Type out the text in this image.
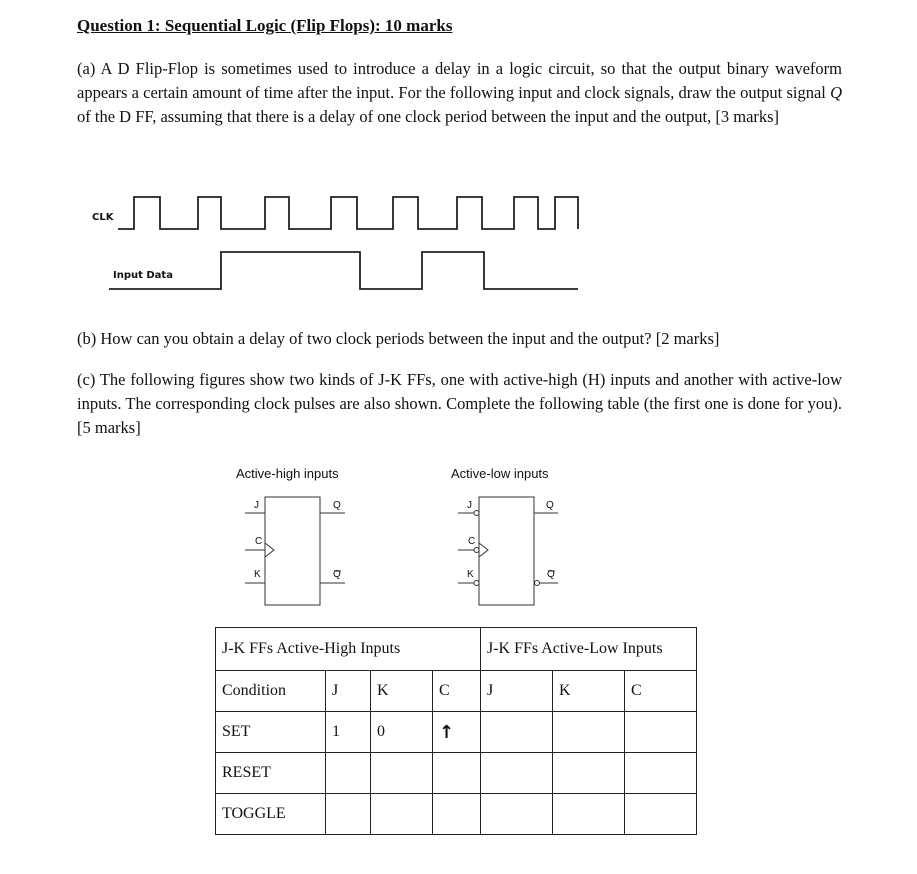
Question 1: Sequential Logic (Flip Flops): 10 marks
(a) A D Flip-Flop is sometimes used to introduce a delay in a logic circuit, so that the output binary waveform appears a certain amount of time after the input. For the following input and clock signals, draw the output signal Q of the D FF, assuming that there is a delay of one clock period between the input and the output, [3 marks]
CLK
Input Data
(b) How can you obtain a delay of two clock periods between the input and the output? [2 marks]
(c) The following figures show two kinds of J-K FFs, one with active-high (H) inputs and another with active-low inputs. The corresponding clock pulses are also shown. Complete the following table (the first one is done for you). [5 marks]
Active-high inputs	Active-low inputs
J
C
K
Q
Q
J
C
K
Q
Q
J-K FFs Active-High Inputs				J-K FFs Active-Low Inputs		
Condition	J	K	C	J	K	C
SET	1	0	↑			
RESET						
TOGGLE						
